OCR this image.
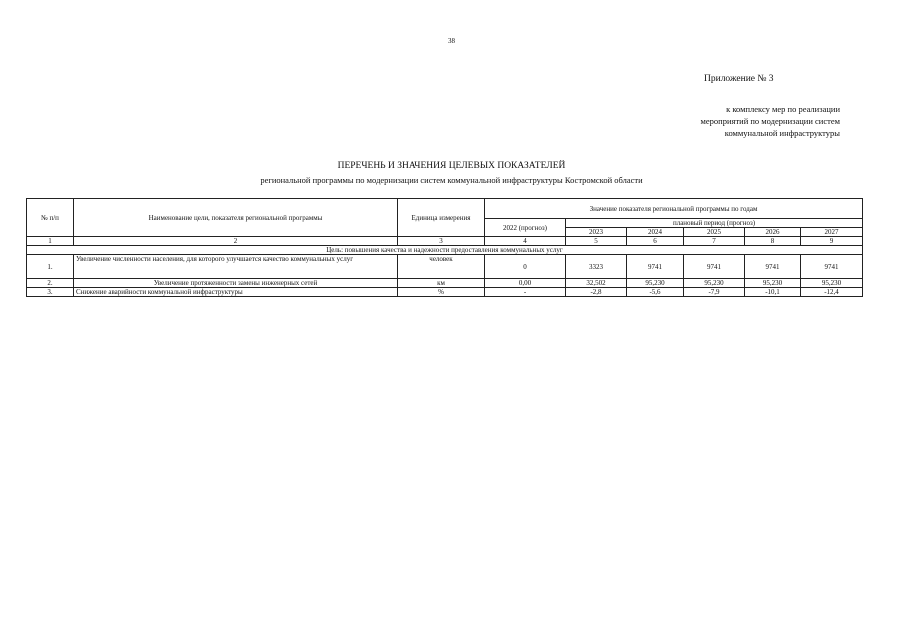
38
Приложение № 3
к комплексу мер по реализации
мероприятий по модернизации систем
коммунальной инфраструктуры
ПЕРЕЧЕНЬ И ЗНАЧЕНИЯ ЦЕЛЕВЫХ ПОКАЗАТЕЛЕЙ
региональной программы по модернизации систем коммунальной инфраструктуры Костромской области
№ п/п	Наименование цели, показателя региональной программы	Единица измерения	Значение показателя региональной программы по годам					
			2022 (прогноз)	плановый период (прогноз)				
				2023	2024	2025	2026	2027
1	2	3	4	5	6	7	8	9
Цель: повышения качества и надежности предоставления коммунальных услуг								
1.	Увеличение численности населения, для которого улучшается качество коммунальных услуг	человек	0	3323	9741	9741	9741	9741
2.	Увеличение протяженности замены инженерных сетей	км	0,00	32,502	95,230	95,230	95,230	95,230
3.	Снижение аварийности коммунальной инфраструктуры	%	-	-2,8	-5,6	-7,9	-10,1	-12,4
